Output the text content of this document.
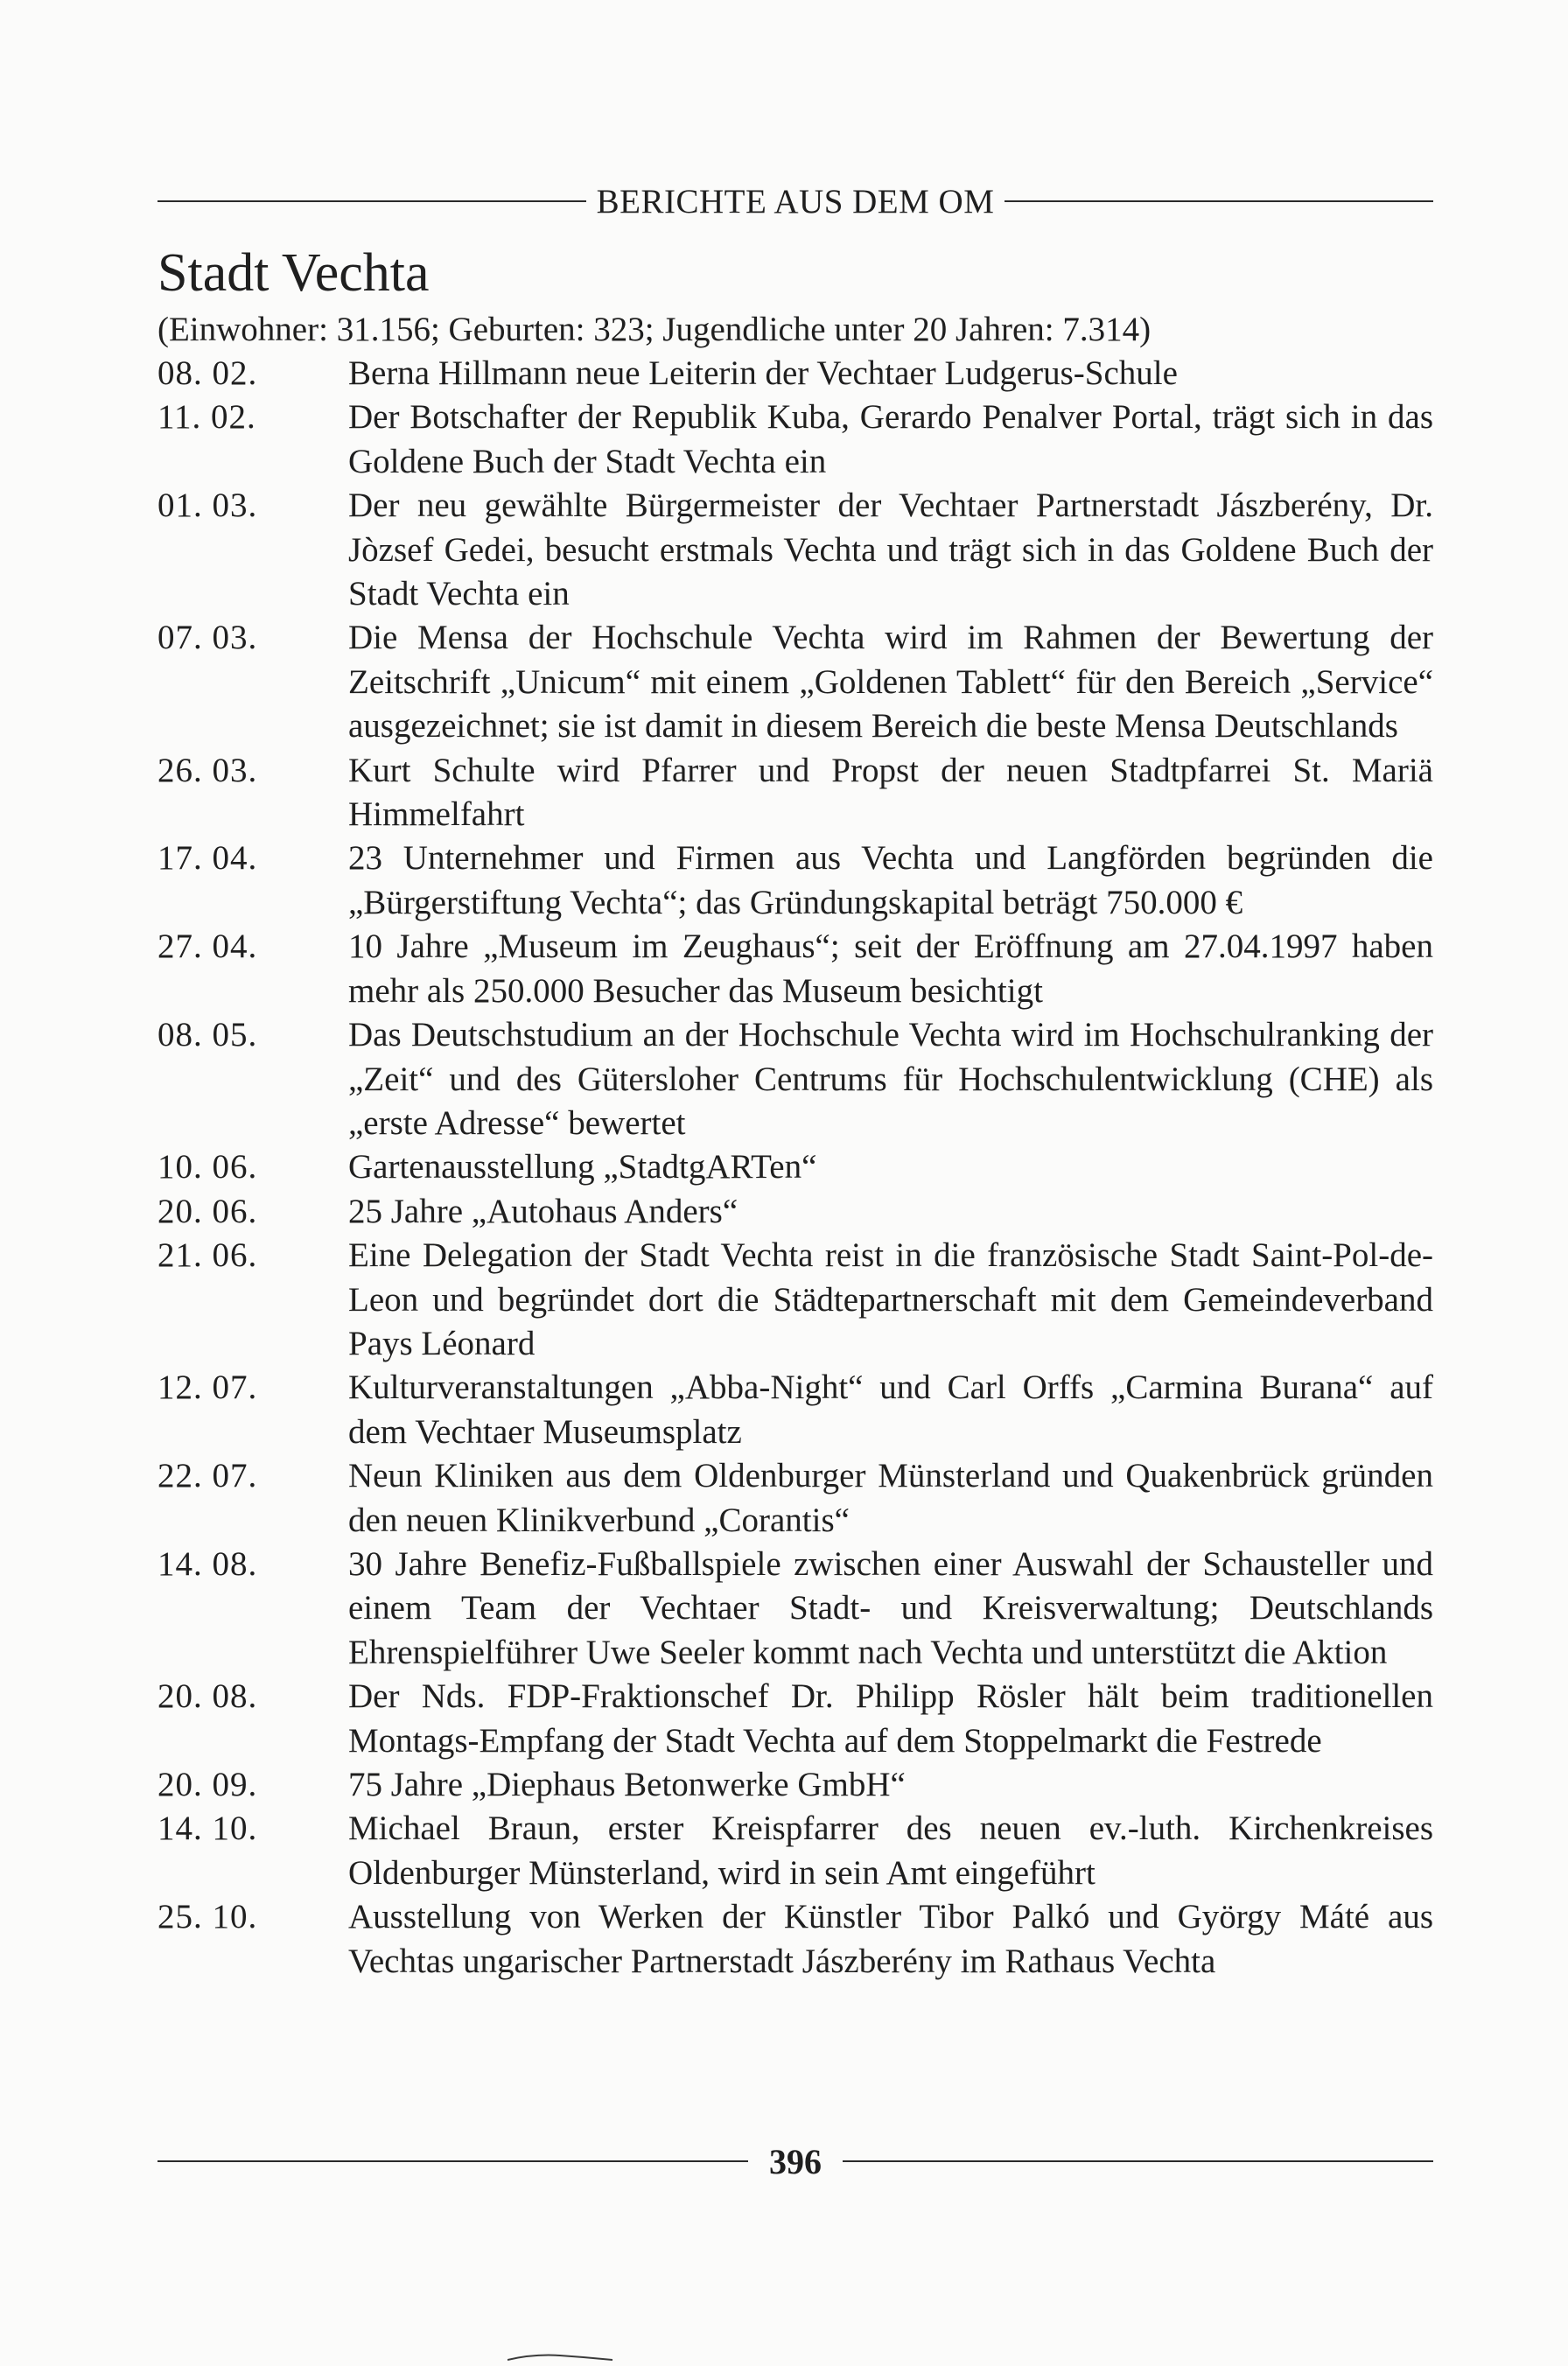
BERICHTE AUS DEM OM
Stadt Vechta
(Einwohner: 31.156; Geburten: 323; Jugendliche unter 20 Jahren: 7.314)
08. 02.	Berna Hillmann neue Leiterin der Vechtaer Ludgerus-Schule
11. 02.	Der Botschafter der Republik Kuba, Gerardo Penalver Portal, trägt sich in das Goldene Buch der Stadt Vechta ein
01. 03.	Der neu gewählte Bürgermeister der Vechtaer Partnerstadt Jászberény, Dr. Jòzsef Gedei, besucht erstmals Vechta und trägt sich in das Goldene Buch der Stadt Vechta ein
07. 03.	Die Mensa der Hochschule Vechta wird im Rahmen der Bewertung der Zeitschrift „Unicum“ mit einem „Goldenen Tablett“ für den Bereich „Service“ ausgezeichnet; sie ist damit in diesem Bereich die beste Mensa Deutschlands
26. 03.	Kurt Schulte wird Pfarrer und Propst der neuen Stadtpfarrei St. Mariä Himmelfahrt
17. 04.	23 Unternehmer und Firmen aus Vechta und Langförden begründen die „Bürgerstiftung Vechta“; das Gründungskapital beträgt 750.000 €
27. 04.	10 Jahre „Museum im Zeughaus“; seit der Eröffnung am 27.04.1997 haben mehr als 250.000 Besucher das Museum besichtigt
08. 05.	Das Deutschstudium an der Hochschule Vechta wird im Hochschulranking der „Zeit“ und des Gütersloher Centrums für Hochschulentwicklung (CHE) als „erste Adresse“ bewertet
10. 06.	Gartenausstellung „StadtgARTen“
20. 06.	25 Jahre „Autohaus Anders“
21. 06.	Eine Delegation der Stadt Vechta reist in die französische Stadt Saint-Pol-de-Leon und begründet dort die Städtepartnerschaft mit dem Gemeindeverband Pays Léonard
12. 07.	Kulturveranstaltungen „Abba-Night“ und Carl Orffs „Carmina Burana“ auf dem Vechtaer Museumsplatz
22. 07.	Neun Kliniken aus dem Oldenburger Münsterland und Quakenbrück gründen den neuen Klinikverbund „Corantis“
14. 08.	30 Jahre Benefiz-Fußballspiele zwischen einer Auswahl der Schausteller und einem Team der Vechtaer Stadt- und Kreisverwaltung; Deutschlands Ehrenspielführer Uwe Seeler kommt nach Vechta und unterstützt die Aktion
20. 08.	Der Nds. FDP-Fraktionschef Dr. Philipp Rösler hält beim traditionellen Montags-Empfang der Stadt Vechta auf dem Stoppelmarkt die Festrede
20. 09.	75 Jahre „Diephaus Betonwerke GmbH“
14. 10.	Michael Braun, erster Kreispfarrer des neuen ev.-luth. Kirchenkreises Oldenburger Münsterland, wird in sein Amt eingeführt
25. 10.	Ausstellung von Werken der Künstler Tibor Palkó und György Máté aus Vechtas ungarischer Partnerstadt Jászberény im Rathaus Vechta
396
